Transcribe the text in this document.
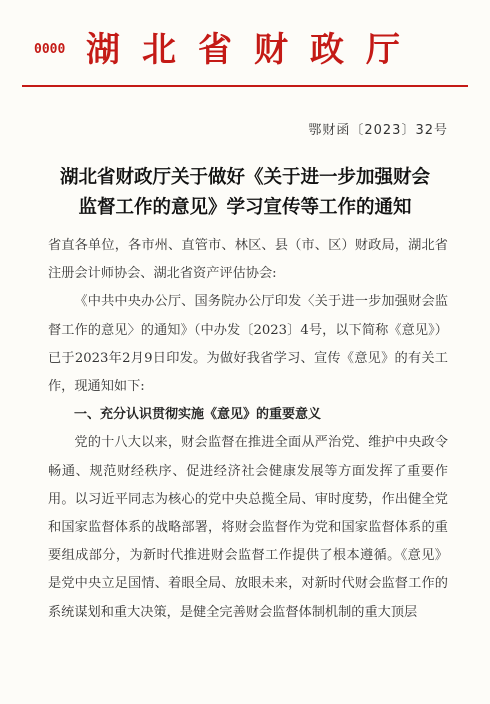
0000 湖北省财政厅
鄂财函〔2023〕32号
湖北省财政厅关于做好《关于进一步加强财会
监督工作的意见》学习宣传等工作的通知

省直各单位，各市州、直管市、林区、县（市、区）财政局，湖北省注册会计师协会、湖北省资产评估协会:

《中共中央办公厅、国务院办公厅印发〈关于进一步加强财会监督工作的意见〉的通知》（中办发〔2023〕4号，以下简称《意见》）已于2023年2月9日印发。为做好我省学习、宣传《意见》的有关工作，现通知如下:

一、充分认识贯彻实施《意见》的重要意义

党的十八大以来，财会监督在推进全面从严治党、维护中央政令畅通、规范财经秩序、促进经济社会健康发展等方面发挥了重要作用。以习近平同志为核心的党中央总揽全局、审时度势，作出健全党和国家监督体系的战略部署，将财会监督作为党和国家监督体系的重要组成部分，为新时代推进财会监督工作提供了根本遵循。《意见》是党中央立足国情、着眼全局、放眼未来，对新时代财会监督工作的系统谋划和重大决策，是健全完善财会监督体制机制的重大顶层
